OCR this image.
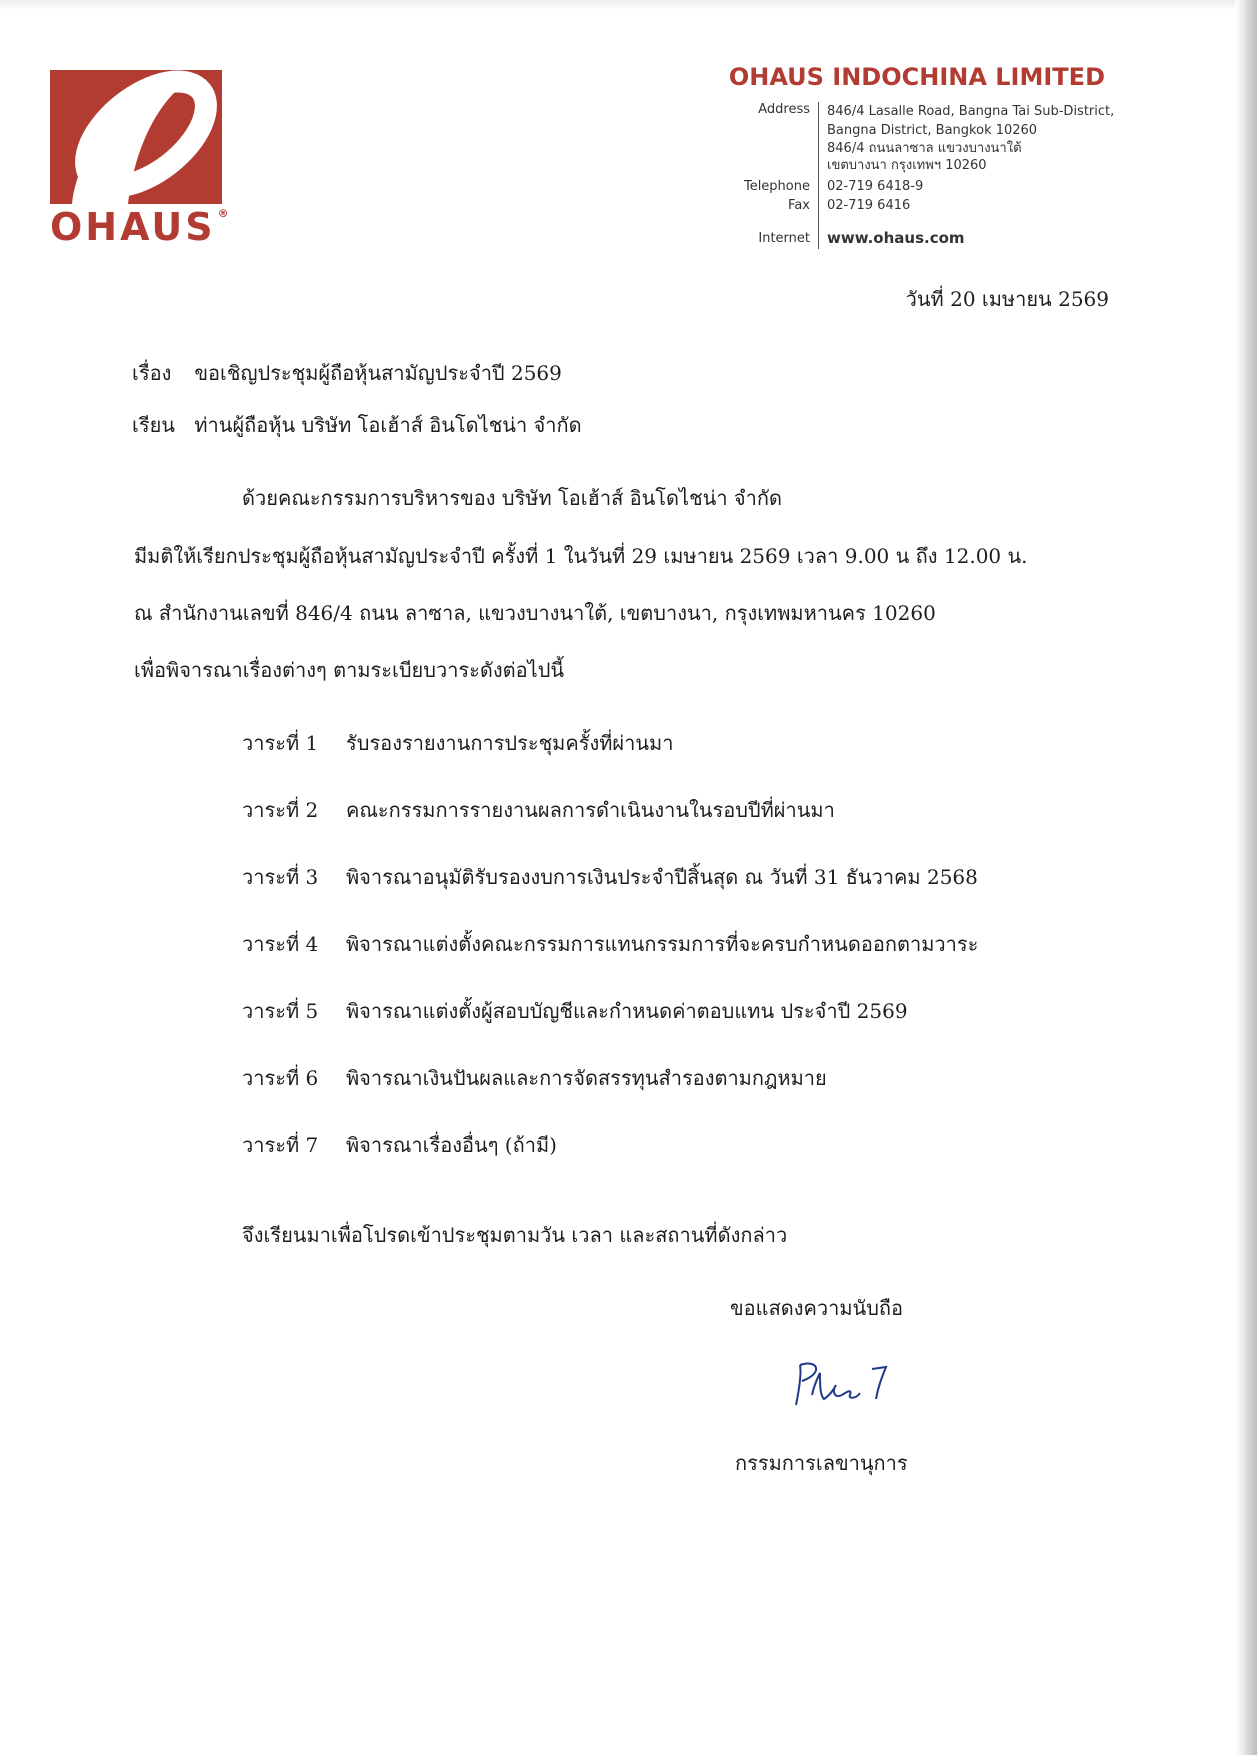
OHAUS ®
OHAUS INDOCHINA LIMITED
Address	846/4 Lasalle Road, Bangna Tai Sub-District,
Bangna District, Bangkok 10260
846/4 ถนนลาซาล แขวงบางนาใต้
เขตบางนา กรุงเทพฯ 10260
Telephone	02-719 6418-9
Fax	02-719 6416
Internet	www.ohaus.com
วันที่ 20 เมษายน 2569
เรื่อง ขอเชิญประชุมผู้ถือหุ้นสามัญประจำปี 2569
เรียน ท่านผู้ถือหุ้น บริษัท โอเฮ้าส์ อินโดไชน่า จำกัด
ด้วยคณะกรรมการบริหารของ บริษัท โอเฮ้าส์ อินโดไชน่า จำกัด
มีมติให้เรียกประชุมผู้ถือหุ้นสามัญประจำปี ครั้งที่ 1 ในวันที่ 29 เมษายน 2569 เวลา 9.00 น ถึง 12.00 น.
ณ สำนักงานเลขที่ 846/4 ถนน ลาซาล, แขวงบางนาใต้, เขตบางนา, กรุงเทพมหานคร 10260
เพื่อพิจารณาเรื่องต่างๆ ตามระเบียบวาระดังต่อไปนี้
วาระที่ 1 รับรองรายงานการประชุมครั้งที่ผ่านมา
วาระที่ 2 คณะกรรมการรายงานผลการดำเนินงานในรอบปีที่ผ่านมา
วาระที่ 3 พิจารณาอนุมัติรับรองงบการเงินประจำปีสิ้นสุด ณ วันที่ 31 ธันวาคม 2568
วาระที่ 4 พิจารณาแต่งตั้งคณะกรรมการแทนกรรมการที่จะครบกำหนดออกตามวาระ
วาระที่ 5 พิจารณาแต่งตั้งผู้สอบบัญชีและกำหนดค่าตอบแทน ประจำปี 2569
วาระที่ 6 พิจารณาเงินปันผลและการจัดสรรทุนสำรองตามกฎหมาย
วาระที่ 7 พิจารณาเรื่องอื่นๆ (ถ้ามี)
จึงเรียนมาเพื่อโปรดเข้าประชุมตามวัน เวลา และสถานที่ดังกล่าว
ขอแสดงความนับถือ
กรรมการเลขานุการ
